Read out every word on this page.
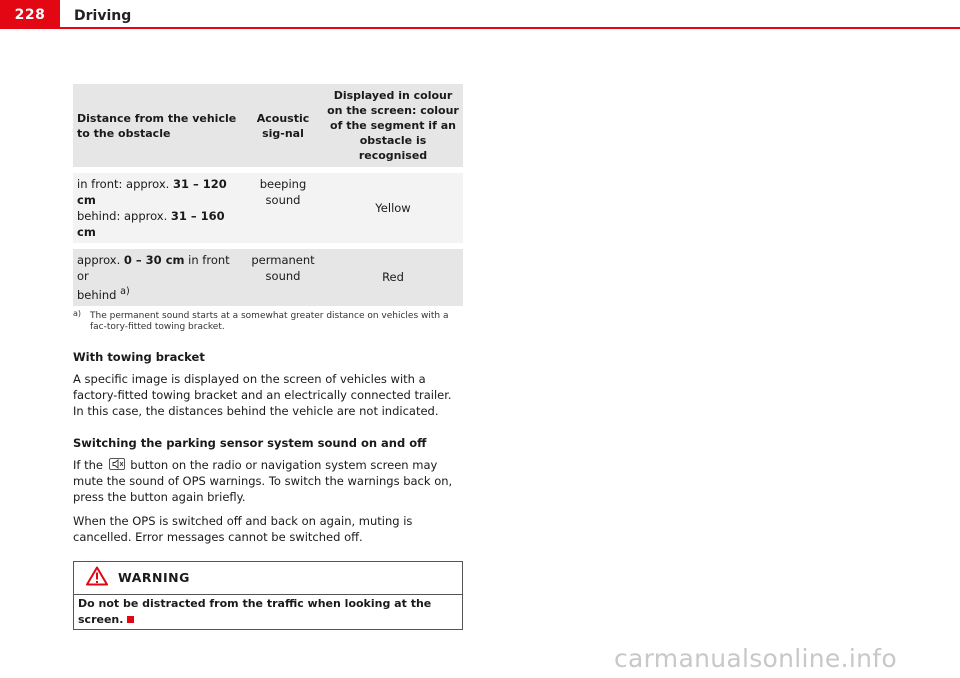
228	Driving
Distance from the vehicle to the obstacle	Acoustic sig-nal	Displayed in colour on the screen: colour of the segment if an obstacle is recognised

in front: approx. 31 – 120 cm
behind: approx. 31 – 160 cm	beeping sound	Yellow

approx. 0 – 30 cm in front or
behind $^{a)}$	permanent sound	Red
a) The permanent sound starts at a somewhat greater distance on vehicles with a fac-tory-fitted towing bracket.
With towing bracket

A specific image is displayed on the screen of vehicles with a factory-fitted towing bracket and an electrically connected trailer. In this case, the distances behind the vehicle are not indicated.

Switching the parking sensor system sound on and off

If the
button on the radio or navigation system screen may mute the sound of OPS warnings. To switch the warnings back on, press the button again briefly.

When the OPS is switched off and back on again, muting is cancelled. Error messages cannot be switched off.

WARNING
Do not be distracted from the traffic when looking at the screen.
carmanualsonline.info
